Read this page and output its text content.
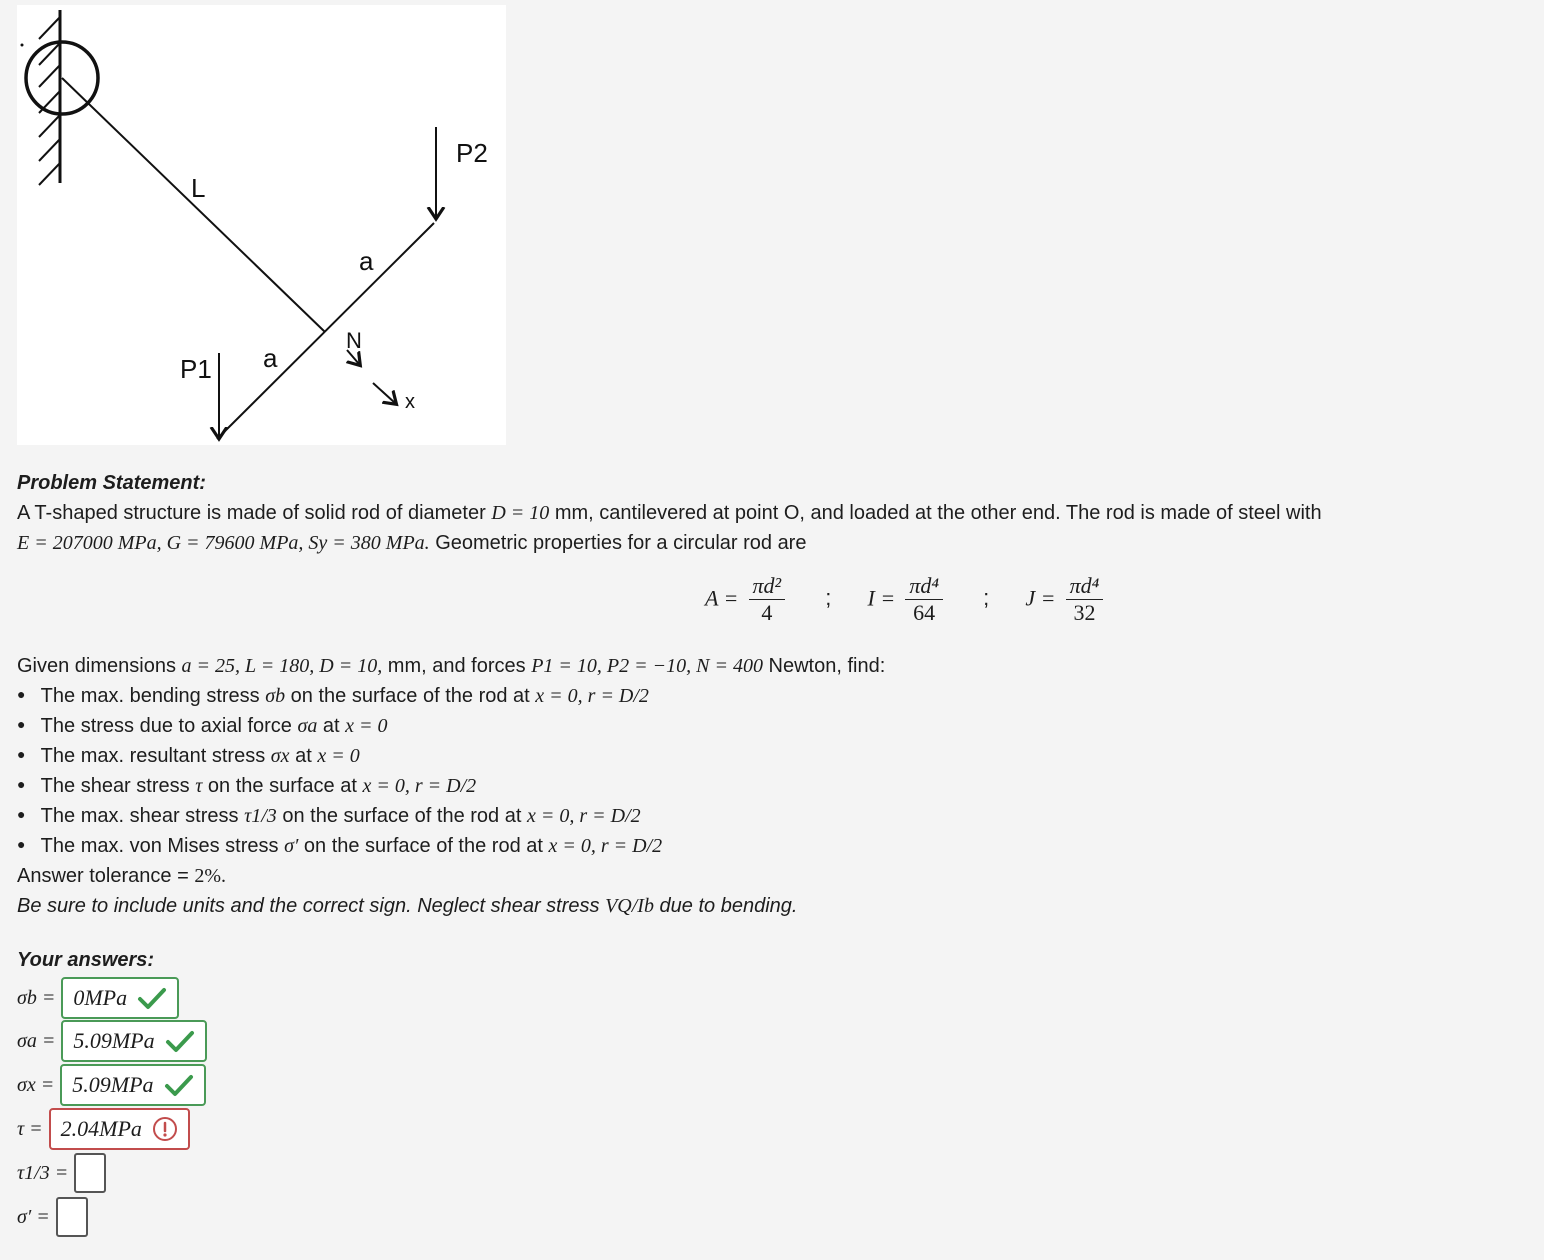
L
P2
P1
a
a
N
x
Problem Statement:
A T-shaped structure is made of solid rod of diameter D = 10 mm, cantilevered at point O, and loaded at the other end. The rod is made of steel with
E = 207000 MPa, G = 79600 MPa, Sy = 380 MPa. Geometric properties for a circular rod are
$A = \frac{\text{πd²}}{4}$ ; $I = \frac{\text{πd⁴}}{64}$ ; $J = \frac{\text{πd⁴}}{32}$
Given dimensions a = 25, L = 180, D = 10, mm, and forces P1 = 10, P2 = −10, N = 400 Newton, find:
● The max. bending stress σb on the surface of the rod at x = 0, r = D/2
● The stress due to axial force σa at x = 0
● The max. resultant stress σx at x = 0
● The shear stress τ on the surface at x = 0, r = D/2
● The max. shear stress τ1/3 on the surface of the rod at x = 0, r = D/2
● The max. von Mises stress σ′ on the surface of the rod at x = 0, r = D/2
Answer tolerance = 2%.
Be sure to include units and the correct sign. Neglect shear stress VQ/Ib due to bending.
Your answers:
σb = 0MPa
σa = 5.09MPa
σx = 5.09MPa
τ = 2.04MPa
τ1/3 =
σ′ =
